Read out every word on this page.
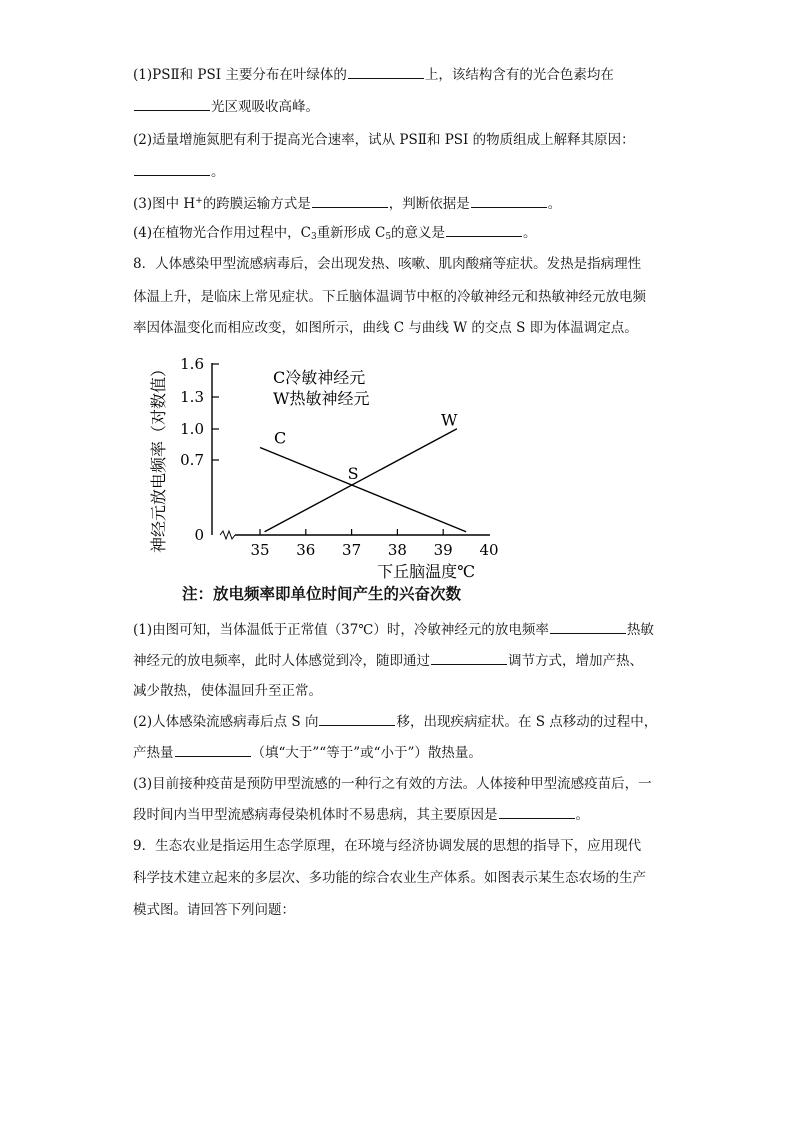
(1)PSⅡ和 PSI 主要分布在叶绿体的	上，该结构含有的光合色素均在
光区观吸收高峰。
(2)适量增施氮肥有利于提高光合速率，试从 PSⅡ和 PSI 的物质组成上解释其原因：
。
(3)图中 H+的跨膜运输方式是	，判断依据是	。
(4)在植物光合作用过程中，$C_3$重新形成 $C_5$的意义是	。
8．人体感染甲型流感病毒后，会出现发热、咳嗽、肌肉酸痛等症状。发热是指病理性
体温上升，是临床上常见症状。下丘脑体温调节中枢的冷敏神经元和热敏神经元放电频
率因体温变化而相应改变，如图所示，曲线 C 与曲线 W 的交点 S 即为体温调定点。
0
0.7
1.0
1.3
1.6
35 36 37 38 39 40
神经元放电频率（对数值）
下丘脑温度℃
C冷敏神经元
W热敏神经元
C
W
S
注：放电频率即单位时间产生的兴奋次数
(1)由图可知，当体温低于正常值（37℃）时，冷敏神经元的放电频率	热敏
神经元的放电频率，此时人体感觉到冷，随即通过	调节方式，增加产热、
减少散热，使体温回升至正常。
(2)人体感染流感病毒后点 S 向	移，出现疾病症状。在 S 点移动的过程中，
产热量	（填“大于”“等于”或“小于”）散热量。
(3)目前接种疫苗是预防甲型流感的一种行之有效的方法。人体接种甲型流感疫苗后，一
段时间内当甲型流感病毒侵染机体时不易患病，其主要原因是	。
9．生态农业是指运用生态学原理，在环境与经济协调发展的思想的指导下，应用现代
科学技术建立起来的多层次、多功能的综合农业生产体系。如图表示某生态农场的生产
模式图。请回答下列问题：
